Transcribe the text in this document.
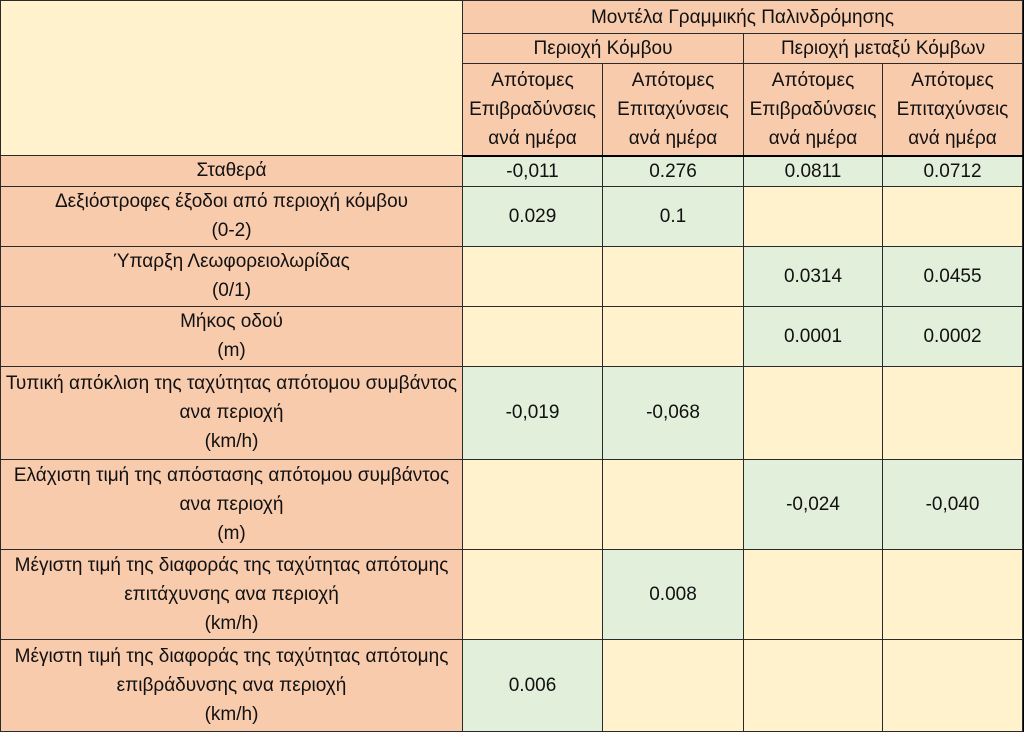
	Μοντέλα Γραμμικής Παλινδρόμησης			
	Περιοχή Κόμβου		Περιοχή μεταξύ Κόμβων	

	Απότομες
Επιβραδύνσεις
ανά ημέρα	Απότομες
Επιταχύνσεις
ανά ημέρα	Απότομες
Επιβραδύνσεις
ανά ημέρα	Απότομες
Επιταχύνσεις
ανά ημέρα

Σταθερά	-0,011	0.276	0.0811	0.0712

Δεξιόστροφες έξοδοι από περιοχή κόμβου
(0-2)	0.029	0.1		

Ύπαρξη Λεωφορειολωρίδας
(0/1)			0.0314	0.0455

Μήκος οδού
(m)			0.0001	0.0002

Τυπική απόκλιση της ταχύτητας απότομου συμβάντος
ανα περιοχή
(km/h)	-0,019	-0,068		

Ελάχιστη τιμή της απόστασης απότομου συμβάντος
ανα περιοχή
(m)			-0,024	-0,040

Μέγιστη τιμή της διαφοράς της ταχύτητας απότομης
επιτάχυνσης ανα περιοχή
(km/h)		0.008		

Μέγιστη τιμή της διαφοράς της ταχύτητας απότομης
επιβράδυνσης ανα περιοχή
(km/h)	0.006			
